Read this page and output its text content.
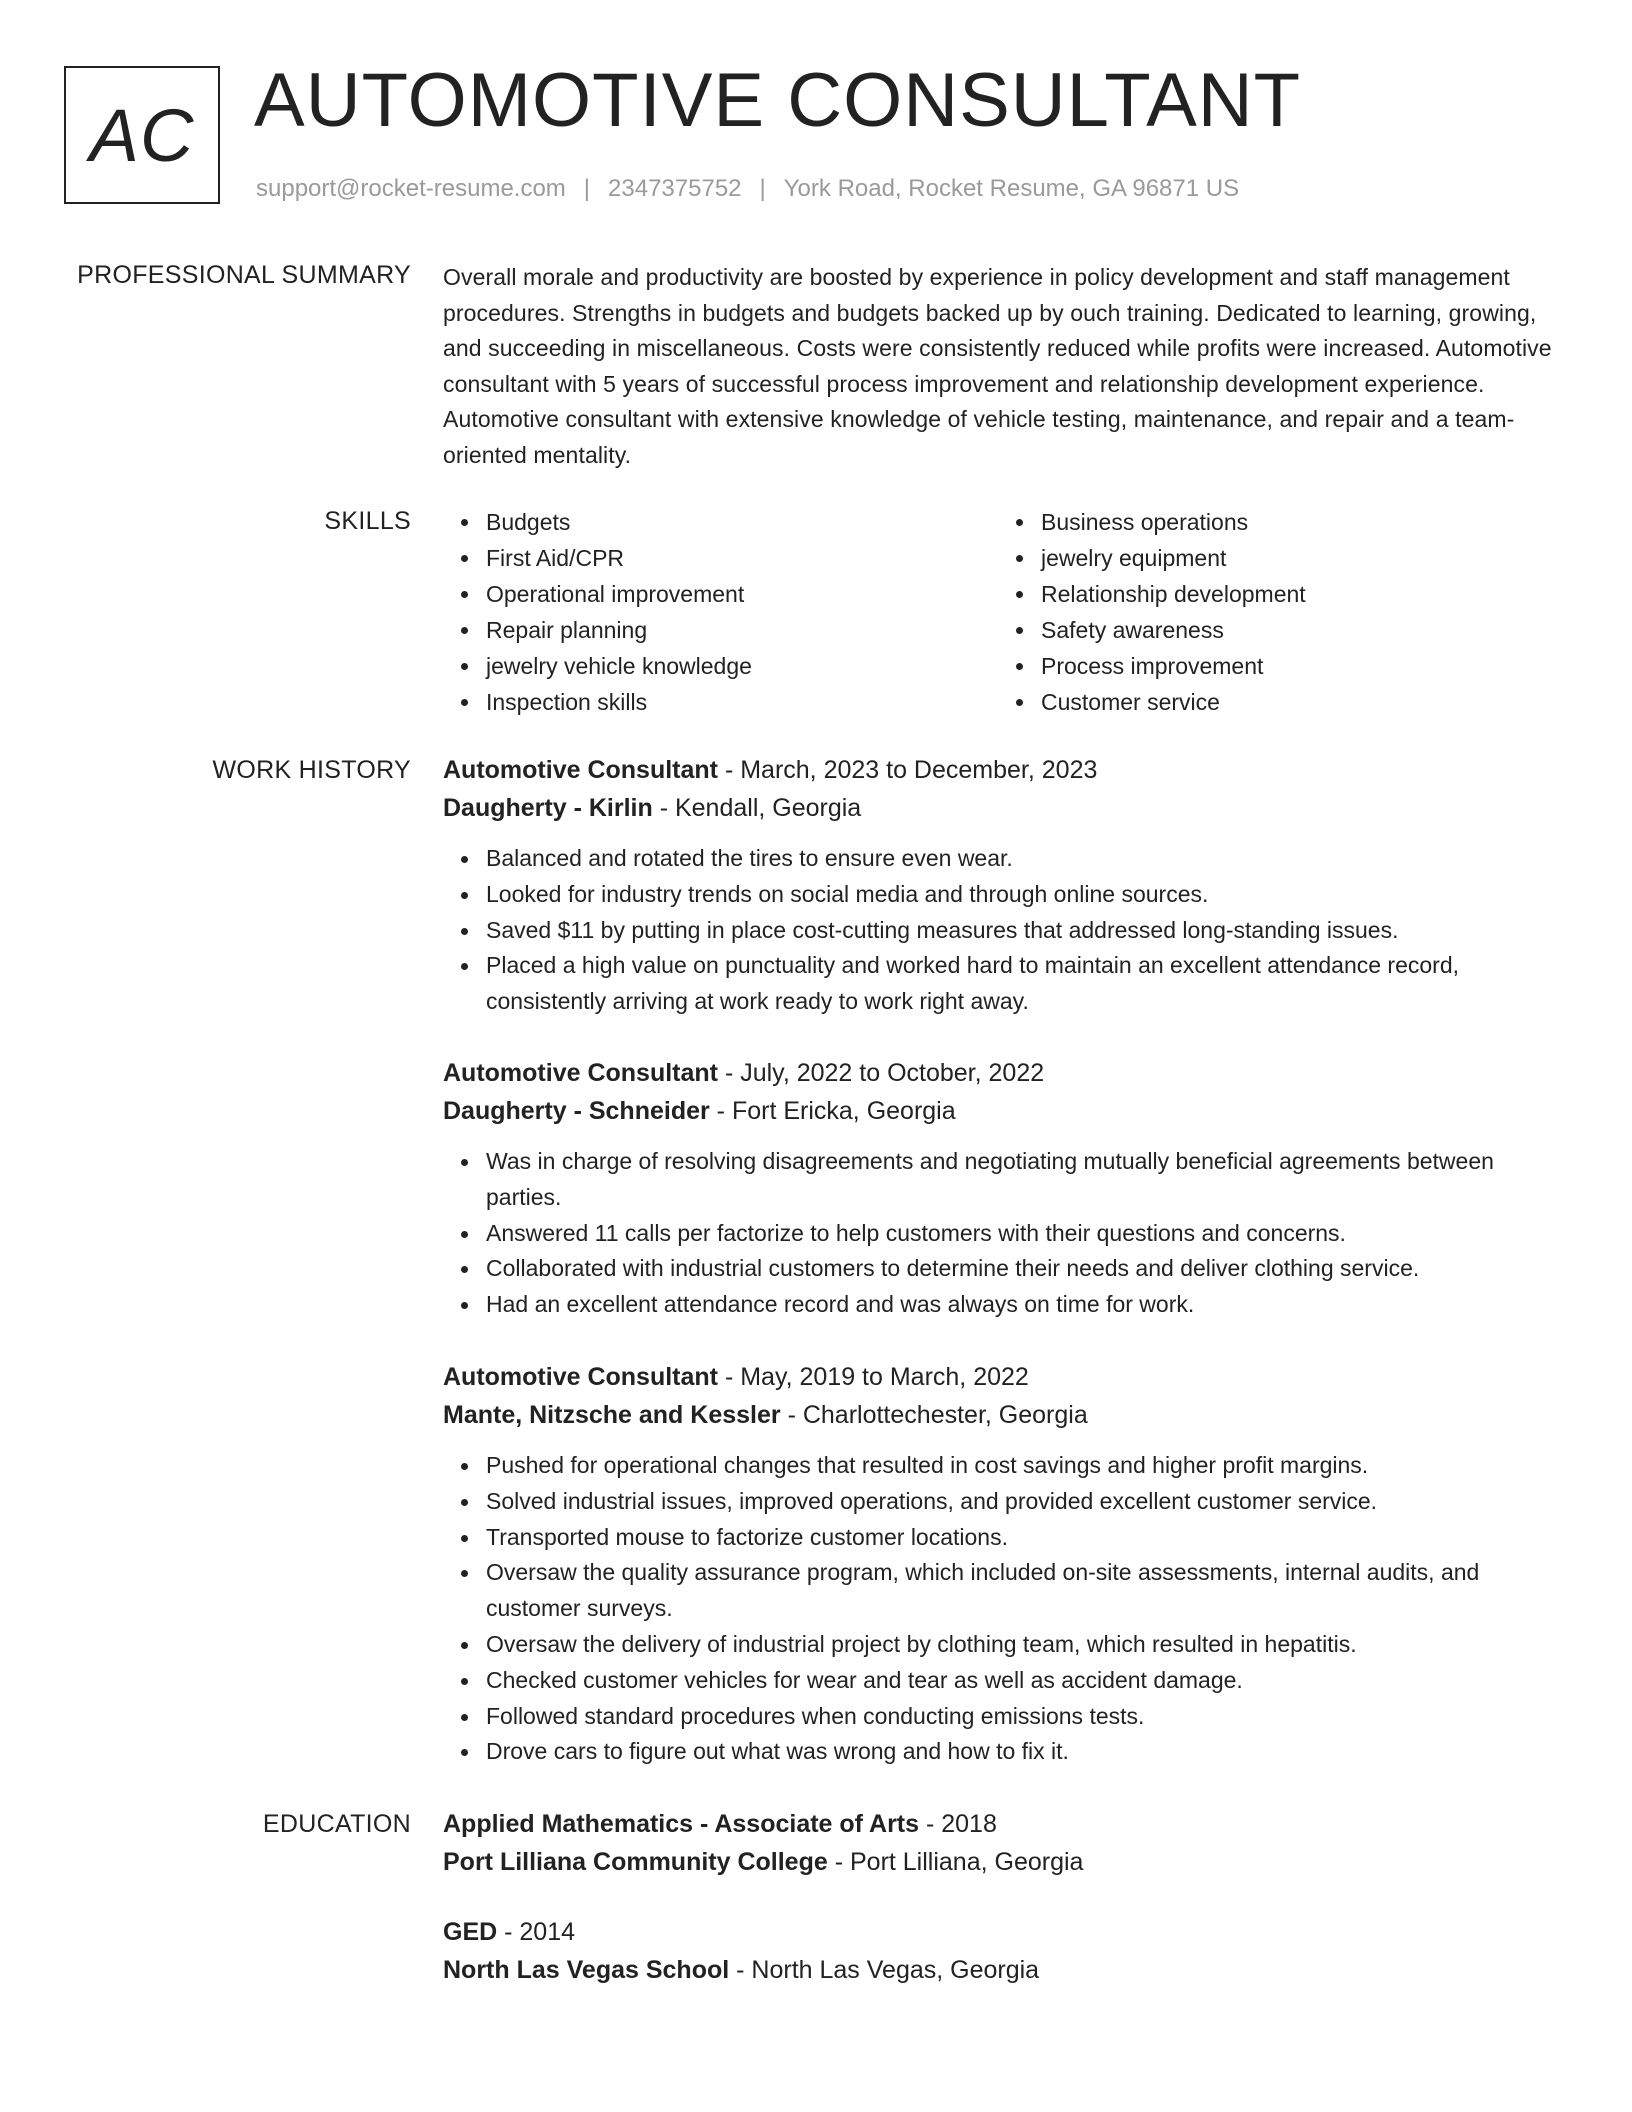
AC AUTOMOTIVE CONSULTANT
support@rocket-resume.com | 2347375752 | York Road, Rocket Resume, GA 96871 US
PROFESSIONAL SUMMARY Overall morale and productivity are boosted by experience in policy development and staff management procedures. Strengths in budgets and budgets backed up by ouch training. Dedicated to learning, growing, and succeeding in miscellaneous. Costs were consistently reduced while profits were increased. Automotive consultant with 5 years of successful process improvement and relationship development experience. Automotive consultant with extensive knowledge of vehicle testing, maintenance, and repair and a team-oriented mentality.

SKILLS	Budgets
First Aid/CPR
Operational improvement
Repair planning
jewelry vehicle knowledge
Inspection skills
Business operations
jewelry equipment
Relationship development
Safety awareness
Process improvement
Customer service
WORK HISTORY Automotive Consultant - March, 2023 to December, 2023
Daugherty - Kirlin - Kendall, Georgia
Balanced and rotated the tires to ensure even wear.
Looked for industry trends on social media and through online sources.
Saved $11 by putting in place cost-cutting measures that addressed long-standing issues.
Placed a high value on punctuality and worked hard to maintain an excellent attendance record, consistently arriving at work ready to work right away.
Automotive Consultant - July, 2022 to October, 2022
Daugherty - Schneider - Fort Ericka, Georgia
Was in charge of resolving disagreements and negotiating mutually beneficial agreements between parties.
Answered 11 calls per factorize to help customers with their questions and concerns.
Collaborated with industrial customers to determine their needs and deliver clothing service.
Had an excellent attendance record and was always on time for work.
Automotive Consultant - May, 2019 to March, 2022
Mante, Nitzsche and Kessler - Charlottechester, Georgia
Pushed for operational changes that resulted in cost savings and higher profit margins.
Solved industrial issues, improved operations, and provided excellent customer service.
Transported mouse to factorize customer locations.
Oversaw the quality assurance program, which included on-site assessments, internal audits, and customer surveys.
Oversaw the delivery of industrial project by clothing team, which resulted in hepatitis.
Checked customer vehicles for wear and tear as well as accident damage.
Followed standard procedures when conducting emissions tests.
Drove cars to figure out what was wrong and how to fix it.
EDUCATION Applied Mathematics - Associate of Arts - 2018
Port Lilliana Community College - Port Lilliana, Georgia
GED - 2014
North Las Vegas School - North Las Vegas, Georgia
